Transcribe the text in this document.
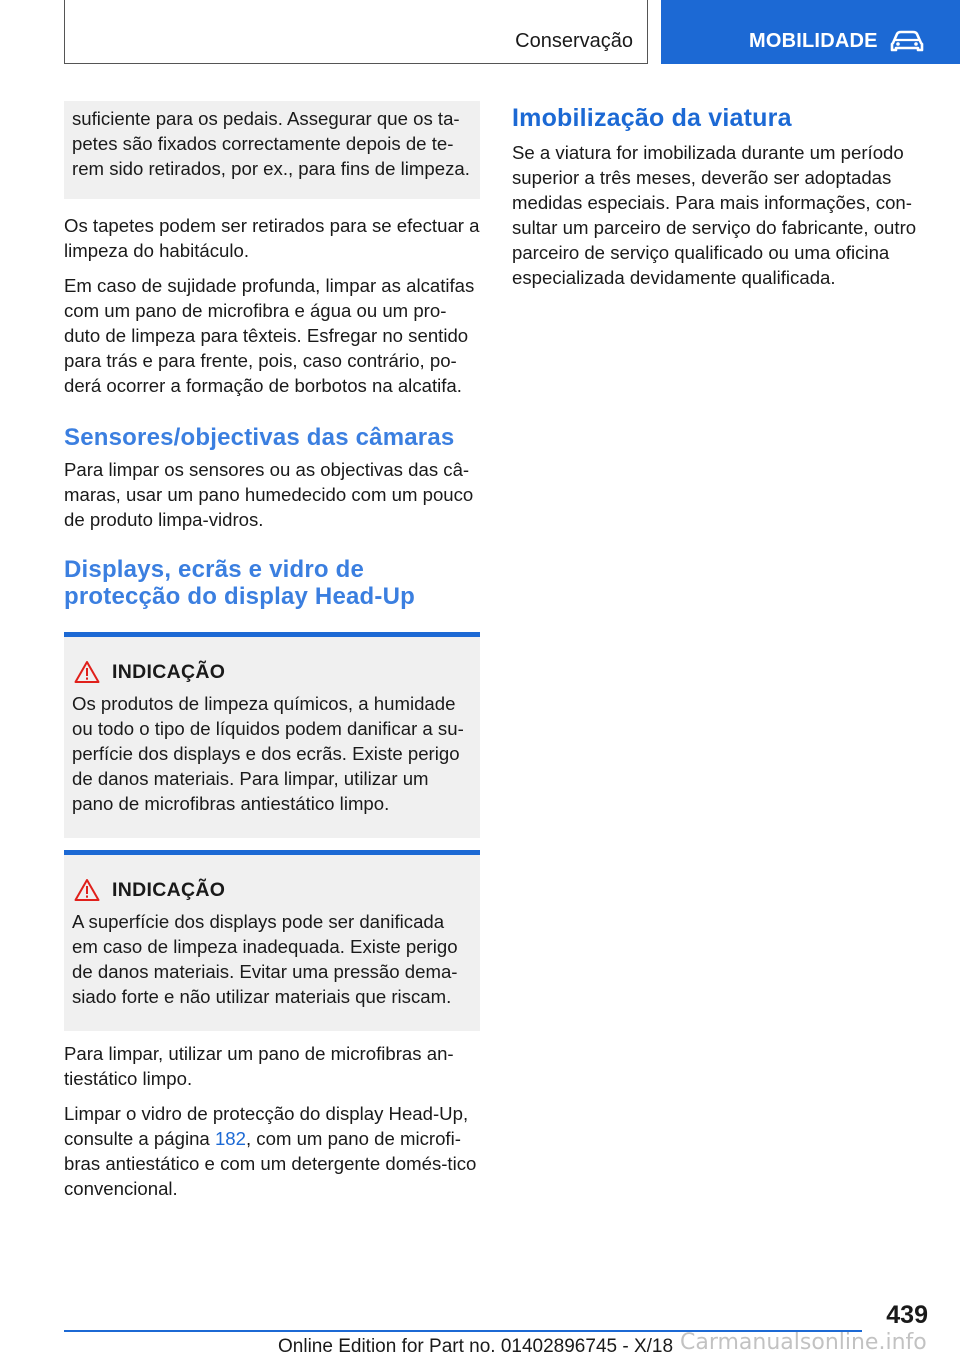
Conservação	MOBILIDADE

suficiente para os pedais. Assegurar que os ta-petes são fixados correctamente depois de te-rem sido retirados, por ex., para fins de limpeza.

Os tapetes podem ser retirados para se efectuar a limpeza do habitáculo.

Em caso de sujidade profunda, limpar as alcatifas com um pano de microfibra e água ou um pro-duto de limpeza para têxteis. Esfregar no sentido para trás e para frente, pois, caso contrário, po-derá ocorrer a formação de borbotos na alcatifa.

Sensores/objectivas das câmaras

Para limpar os sensores ou as objectivas das câ-maras, usar um pano humedecido com um pouco de produto limpa-vidros.

Displays, ecrãs e vidro de protecção do display Head-Up
INDICAÇÃO

Os produtos de limpeza químicos, a humidade ou todo o tipo de líquidos podem danificar a su-perfície dos displays e dos ecrãs. Existe perigo de danos materiais. Para limpar, utilizar um pano de microfibras antiestático limpo.

INDICAÇÃO

A superfície dos displays pode ser danificada em caso de limpeza inadequada. Existe perigo de danos materiais. Evitar uma pressão dema-siado forte e não utilizar materiais que riscam.

Para limpar, utilizar um pano de microfibras an-tiestático limpo.

Limpar o vidro de protecção do display Head-Up, consulte a página 182, com um pano de microfi-bras antiestático e com um detergente domés-tico convencional.

Imobilização da viatura

Se a viatura for imobilizada durante um período superior a três meses, deverão ser adoptadas medidas especiais. Para mais informações, con-sultar um parceiro de serviço do fabricante, outro parceiro de serviço qualificado ou uma oficina especializada devidamente qualificada.

439
Online Edition for Part no. 01402896745 - X/18 Carmanualsonline.info
